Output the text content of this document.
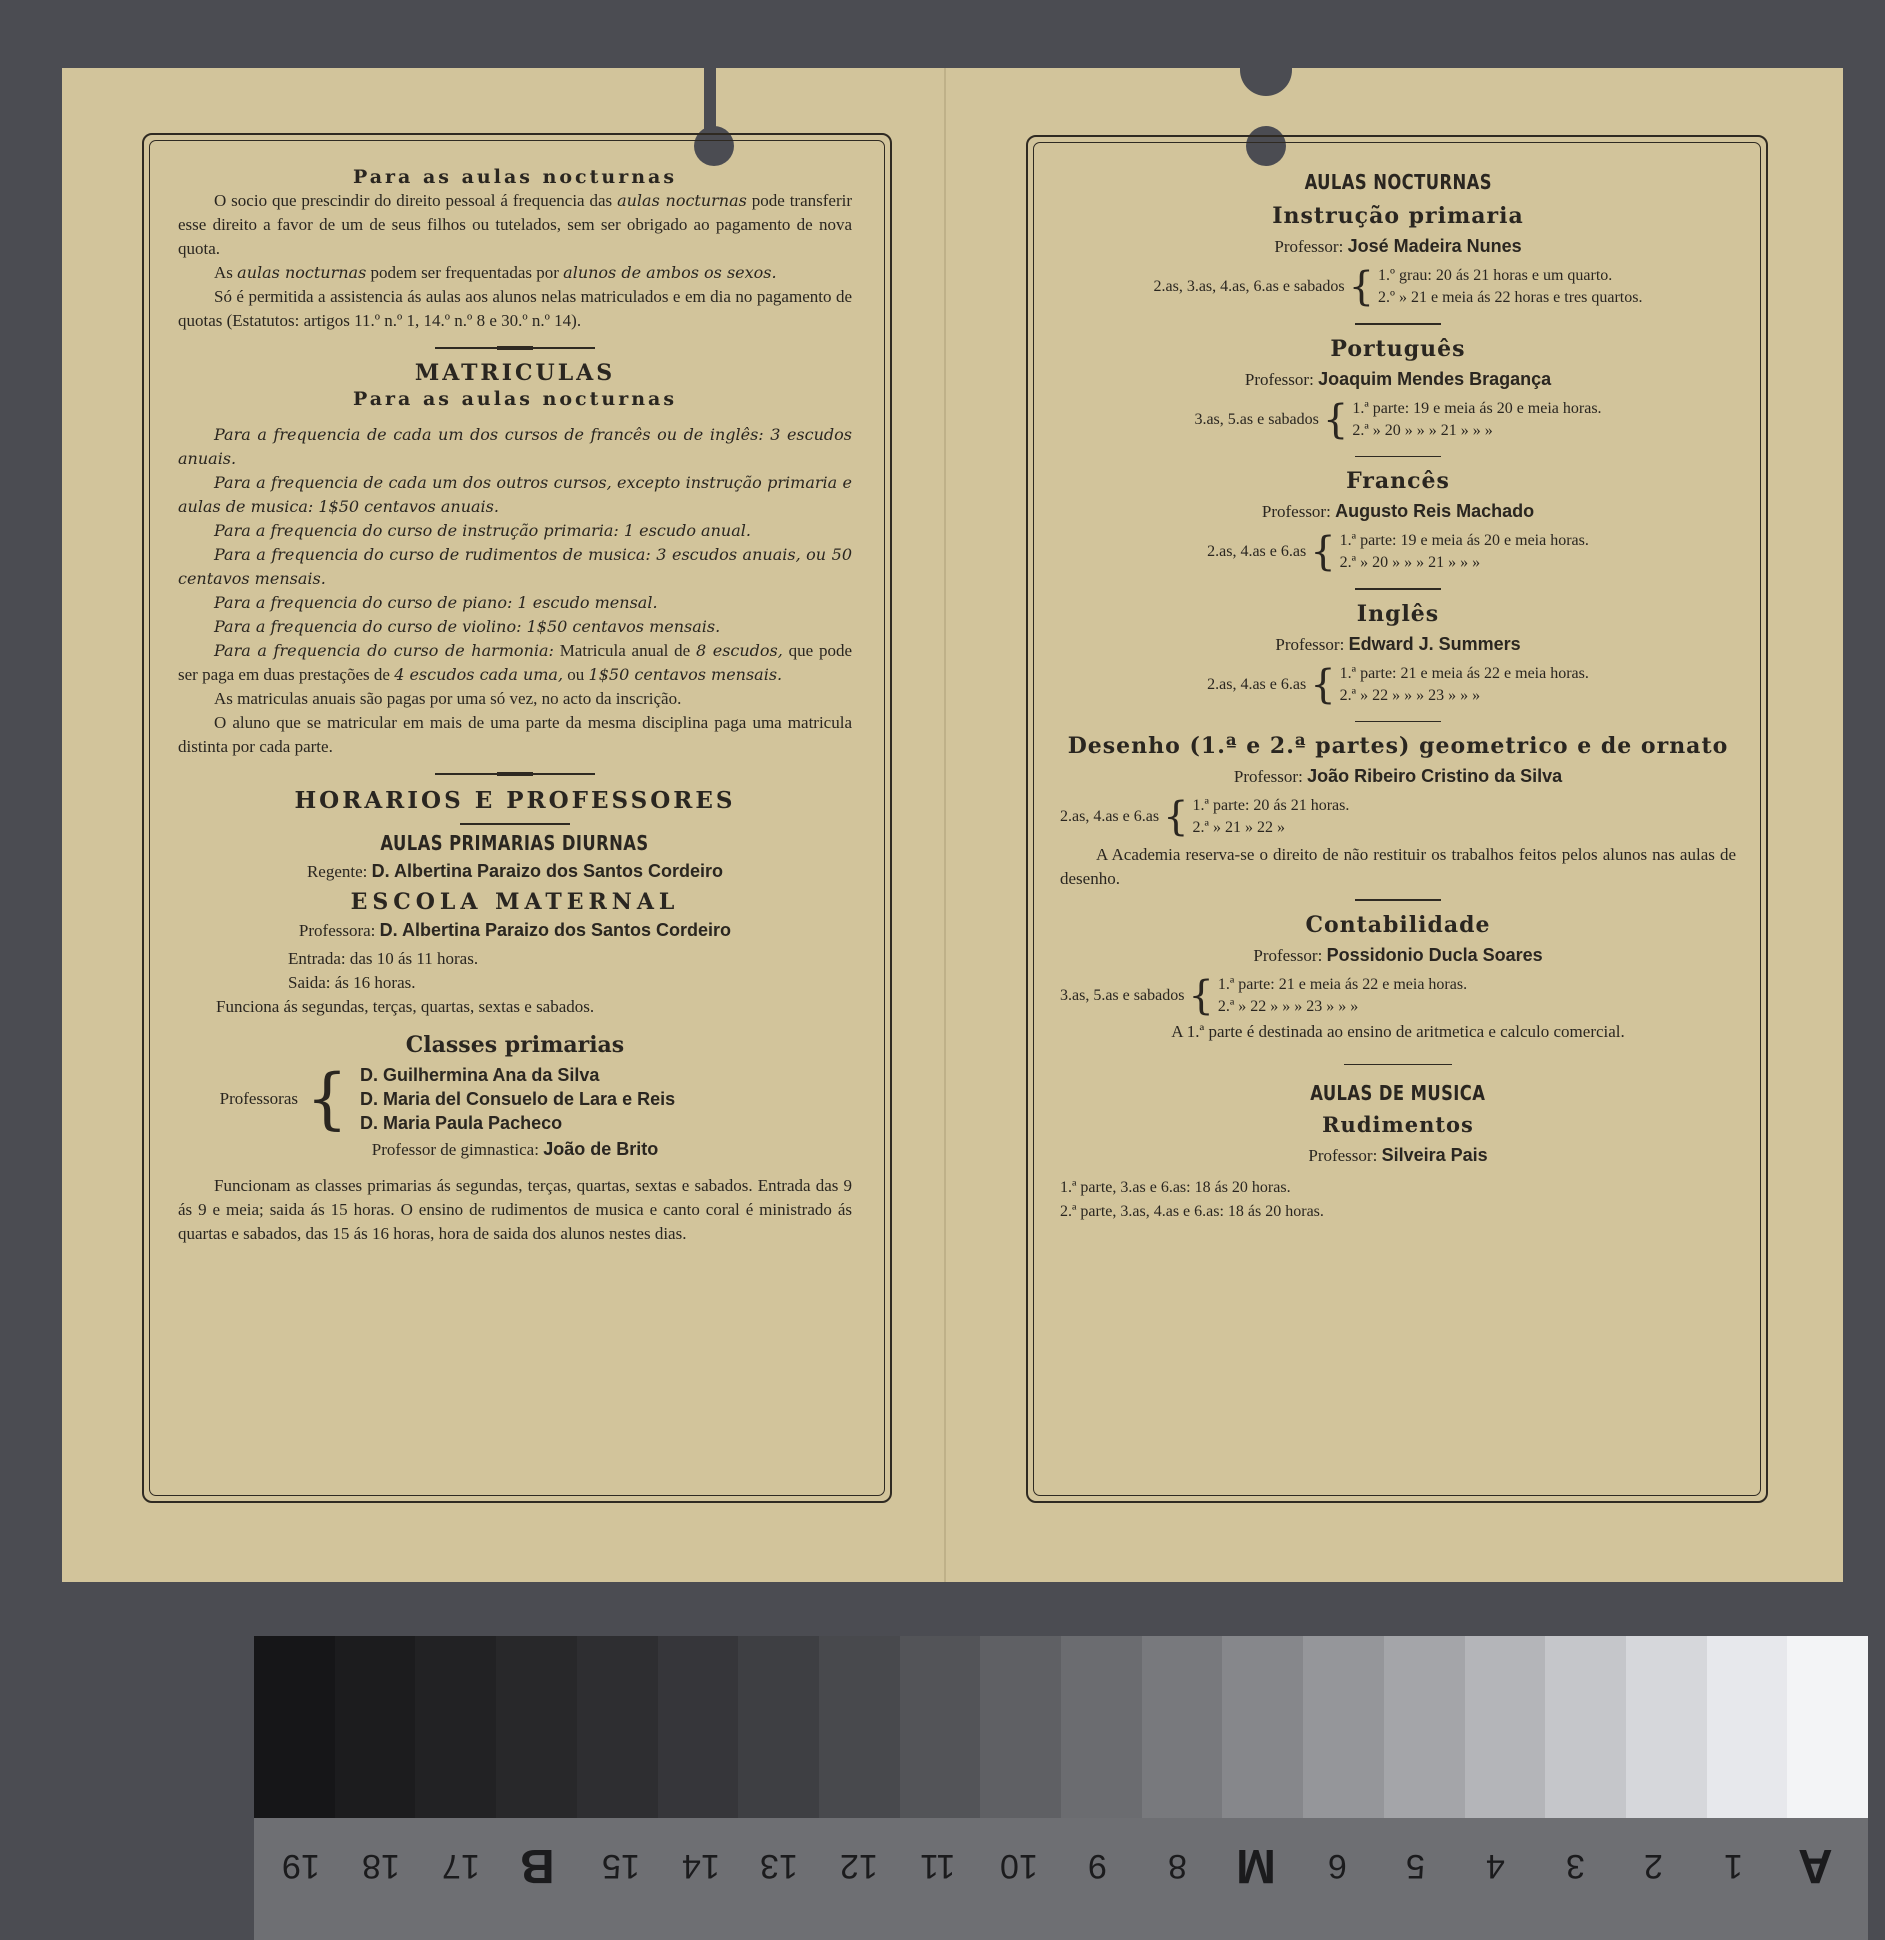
Para as aulas nocturnas

O socio que prescindir do direito pessoal á frequencia das aulas nocturnas pode transferir esse direito a favor de um de seus filhos ou tutelados, sem ser obrigado ao pagamento de nova quota.

As aulas nocturnas podem ser frequentadas por alunos de ambos os sexos.

Só é permitida a assistencia ás aulas aos alunos nelas matriculados e em dia no pagamento de quotas (Estatutos: artigos 11.º n.º 1, 14.º n.º 8 e 30.º n.º 14).

MATRICULAS
Para as aulas nocturnas
Para a frequencia de cada um dos cursos de francês ou de inglês: 3 escudos anuais.
Para a frequencia de cada um dos outros cursos, excepto instrução primaria e aulas de musica: 1$50 centavos anuais.
Para a frequencia do curso de instrução primaria: 1 escudo anual.
Para a frequencia do curso de rudimentos de musica: 3 escudos anuais, ou 50 centavos mensais.
Para a frequencia do curso de piano: 1 escudo mensal.
Para a frequencia do curso de violino: 1$50 centavos mensais.

Para a frequencia do curso de harmonia: Matricula anual de 8 escudos, que pode ser paga em duas prestações de 4 escudos cada uma, ou 1$50 centavos mensais.

As matriculas anuais são pagas por uma só vez, no acto da inscrição.

O aluno que se matricular em mais de uma parte da mesma disciplina paga uma matricula distinta por cada parte.

HORARIOS E PROFESSORES
AULAS PRIMARIAS DIURNAS
Regente: D. Albertina Paraizo dos Santos Cordeiro
ESCOLA MATERNAL
Professora: D. Albertina Paraizo dos Santos Cordeiro
Entrada: das 10 ás 11 horas.
Saida: ás 16 horas.
Funciona ás segundas, terças, quartas, sextas e sabados.
Classes primarias
Professoras { D. Guilhermina Ana da Silva
D. Maria del Consuelo de Lara e Reis
D. Maria Paula Pacheco
Professor de gimnastica: João de Brito

Funcionam as classes primarias ás segundas, terças, quartas, sextas e sabados. Entrada das 9 ás 9 e meia; saida ás 15 horas. O ensino de rudimentos de musica e canto coral é ministrado ás quartas e sabados, das 15 ás 16 horas, hora de saida dos alunos nestes dias.

AULAS NOCTURNAS
Instrução primaria
Professor: José Madeira Nunes
2.as, 3.as, 4.as, 6.as e sabados { 1.º grau: 20 ás 21 horas e um quarto.
2.º » 21 e meia ás 22 horas e tres quartos.
Português
Professor: Joaquim Mendes Bragança
3.as, 5.as e sabados { 1.ª parte: 19 e meia ás 20 e meia horas.
2.ª » 20 » » » 21 » » »
Francês
Professor: Augusto Reis Machado
2.as, 4.as e 6.as { 1.ª parte: 19 e meia ás 20 e meia horas.
2.ª » 20 » » » 21 » » »
Inglês
Professor: Edward J. Summers
2.as, 4.as e 6.as { 1.ª parte: 21 e meia ás 22 e meia horas.
2.ª » 22 » » » 23 » » »
Desenho (1.ª e 2.ª partes) geometrico e de ornato
Professor: João Ribeiro Cristino da Silva
2.as, 4.as e 6.as { 1.ª parte: 20 ás 21 horas.
2.ª » 21 » 22 »

A Academia reserva-se o direito de não restituir os trabalhos feitos pelos alunos nas aulas de desenho.

Contabilidade
Professor: Possidonio Ducla Soares
3.as, 5.as e sabados { 1.ª parte: 21 e meia ás 22 e meia horas.
2.ª » 22 » » » 23 » » »
A 1.ª parte é destinada ao ensino de aritmetica e calculo comercial.
AULAS DE MUSICA
Rudimentos
Professor: Silveira Pais
1.ª parte, 3.as e 6.as: 18 ás 20 horas.
2.ª parte, 3.as, 4.as e 6.as: 18 ás 20 horas.
A
1
2
3
4
5
6
M
8
9
10
11
12
13
14
15
B
17
18
19
